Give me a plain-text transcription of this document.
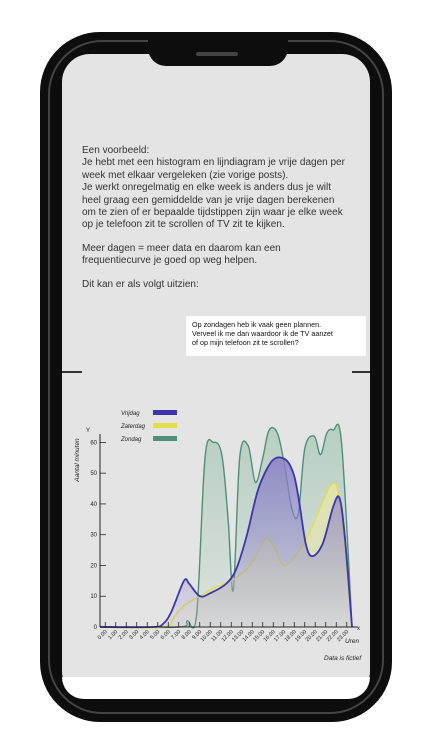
Een voorbeeld:
Je hebt met een histogram en lijndiagram je vrije dagen per
week met elkaar vergeleken (zie vorige posts).
Je werkt onregelmatig en elke week is anders dus je wilt
heel graag een gemiddelde van je vrije dagen berekenen
om te zien of er bepaalde tijdstippen zijn waar je elke week
op je telefoon zit te scrollen of TV zit te kijken.

Meer dagen = meer data en daarom kan een
frequentiecurve je goed op weg helpen.

Dit kan er als volgt uitzien:

Op zondagen heb ik vaak geen plannen.
Verveel ik me dan waardoor ik de TV aanzet
of op mijn telefoon zit te scrollen?
0
10
20
30
40
50
60
0.00
1.00
2.00
3.00
4.00
5.00
6.00
7.00
8.00
9.00
10.00
11.00
12.00
13.00
14.00
15.00
16.00
17.00
18.00
19.00
20.00
21.00
22.00
23.00
Vrijdag
Zaterdag
Zondag
Aantal minuten
Y
x
Uren
Data is fictief
